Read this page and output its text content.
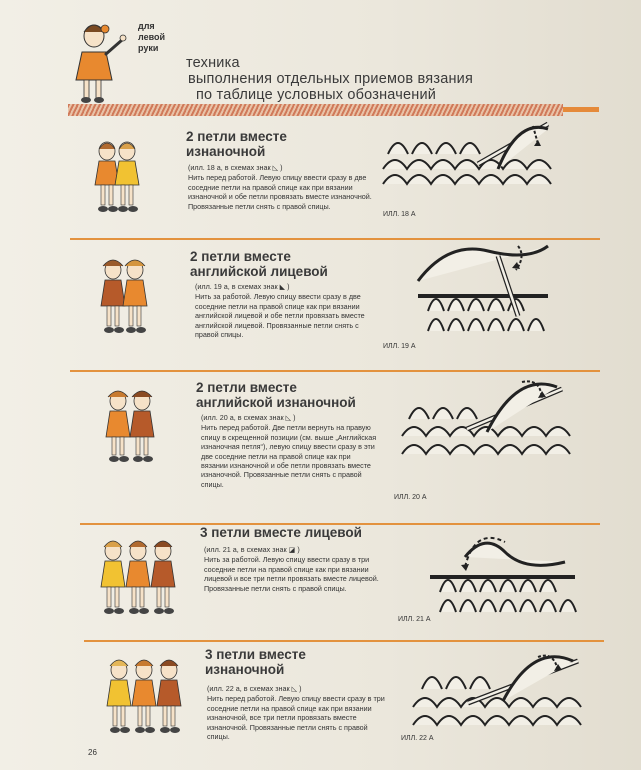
для
левой
руки
техника
выполнения отдельных приемов вязания
по таблице условных обозначений
2 петли вместе
изнаночной
(илл. 18 а, в схемах знак ◺ )
Нить перед работой. Левую спицу ввести сразу в две соседние петли на правой спице как при вязании изнаночной и обе петли провязать вместе изнаночной. Провязанные петли снять с правой спицы.
ИЛЛ. 18 А
2 петли вместе
английской лицевой
(илл. 19 а, в схемах знак ◣ )
Нить за работой. Левую спицу ввести сразу в две соседние петли на правой спице как при вязании английской лицевой и обе петли провязать вместе английской лицевой. Провязанные петли снять с правой спицы.
ИЛЛ. 19 А
2 петли вместе
английской изнаночной
(илл. 20 а, в схемах знак ◺ )
Нить перед работой. Две петли вернуть на правую спицу в скрещенной позиции (см. выше „Английская изнаночная петля“), левую спицу ввести сразу в эти две соседние петли на правой спице как при вязании изнаночной и обе петли провязать вместе изнаночной. Провязанные петли снять с правой спицы.
ИЛЛ. 20 А
3 петли вместе лицевой
(илл. 21 а, в схемах знак ◪ )
Нить за работой. Левую спицу ввести сразу в три соседние петли на правой спице как при вязании лицевой и все три петли провязать вместе лицевой. Провязанные петли снять с правой спицы.
ИЛЛ. 21 А
3 петли вместе
изнаночной
(илл. 22 а, в схемах знак ◺ )
Нить перед работой. Левую спицу ввести сразу в три соседние петли на правой спице как при вязании изнаночной, все три петли провязать вместе изнаночной. Провязанные петли снять с правой спицы.	ИЛЛ. 22 А
26
